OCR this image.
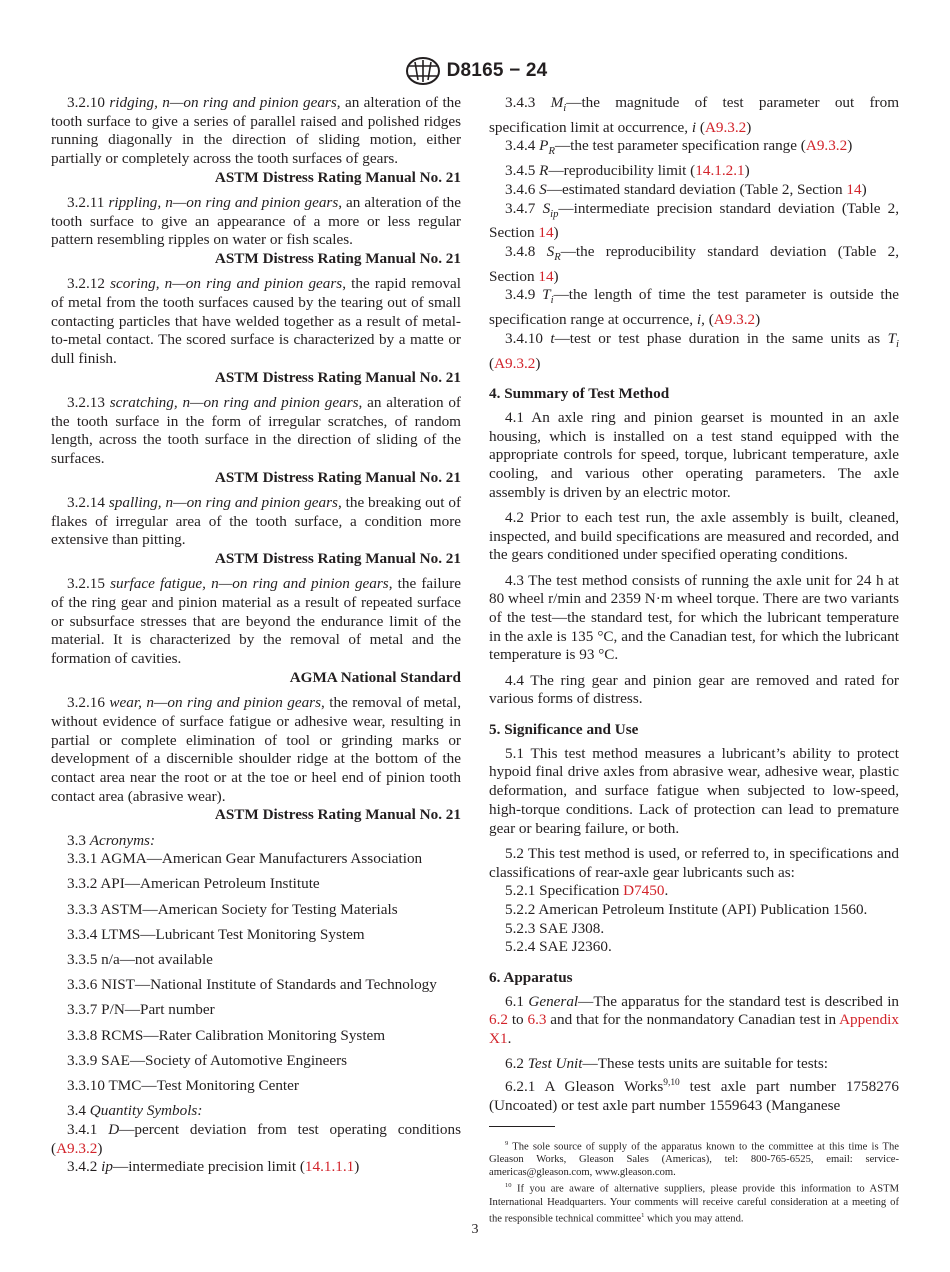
D8165 − 24

3.2.10 ridging, n—on ring and pinion gears, an alteration of the tooth surface to give a series of parallel raised and polished ridges running diagonally in the direction of sliding motion, either partially or completely across the tooth surfaces of gears.

ASTM Distress Rating Manual No. 21

3.2.11 rippling, n—on ring and pinion gears, an alteration of the tooth surface to give an appearance of a more or less regular pattern resembling ripples on water or fish scales.

ASTM Distress Rating Manual No. 21

3.2.12 scoring, n—on ring and pinion gears, the rapid removal of metal from the tooth surfaces caused by the tearing out of small contacting particles that have welded together as a result of metal-to-metal contact. The scored surface is characterized by a matte or dull finish.

ASTM Distress Rating Manual No. 21

3.2.13 scratching, n—on ring and pinion gears, an alteration of the tooth surface in the form of irregular scratches, of random length, across the tooth surface in the direction of sliding of the surfaces.

ASTM Distress Rating Manual No. 21

3.2.14 spalling, n—on ring and pinion gears, the breaking out of flakes of irregular area of the tooth surface, a condition more extensive than pitting.

ASTM Distress Rating Manual No. 21

3.2.15 surface fatigue, n—on ring and pinion gears, the failure of the ring gear and pinion material as a result of repeated surface or subsurface stresses that are beyond the endurance limit of the material. It is characterized by the removal of metal and the formation of cavities.

AGMA National Standard

3.2.16 wear, n—on ring and pinion gears, the removal of metal, without evidence of surface fatigue or adhesive wear, resulting in partial or complete elimination of tool or grinding marks or development of a discernible shoulder ridge at the bottom of the contact area near the root or at the toe or heel end of pinion tooth contact area (abrasive wear).

ASTM Distress Rating Manual No. 21

3.3 Acronyms:

3.3.1 AGMA—American Gear Manufacturers Association

3.3.2 API—American Petroleum Institute

3.3.3 ASTM—American Society for Testing Materials

3.3.4 LTMS—Lubricant Test Monitoring System

3.3.5 n/a—not available

3.3.6 NIST—National Institute of Standards and Technology

3.3.7 P/N—Part number

3.3.8 RCMS—Rater Calibration Monitoring System

3.3.9 SAE—Society of Automotive Engineers

3.3.10 TMC—Test Monitoring Center

3.4 Quantity Symbols:

3.4.1 D—percent deviation from test operating conditions (A9.3.2)

3.4.2 ip—intermediate precision limit (14.1.1.1)

3.4.3 $M_i—the$ magnitude of test parameter out from specification limit at occurrence, i (A9.3.2)

3.4.4 $P_R—the$ test parameter specification range (A9.3.2)

3.4.5 R—reproducibility limit (14.1.2.1)

3.4.6 S—estimated standard deviation (Table 2, Section 14)

3.4.7 $S_{ip}—intermediate$ precision standard deviation (Table 2, Section 14)

3.4.8 $S_R—the$ reproducibility standard deviation (Table 2, Section 14)

3.4.9 $T_i—the$ length of time the test parameter is outside the specification range at occurrence, i, (A9.3.2)

3.4.10 t—test or test phase duration in the same units as $T_i$ (A9.3.2)

4. Summary of Test Method

4.1 An axle ring and pinion gearset is mounted in an axle housing, which is installed on a test stand equipped with the appropriate controls for speed, torque, lubricant temperature, axle cooling, and various other operating parameters. The axle assembly is driven by an electric motor.

4.2 Prior to each test run, the axle assembly is built, cleaned, inspected, and build specifications are measured and recorded, and the gears conditioned under specified operating conditions.

4.3 The test method consists of running the axle unit for 24 h at 80 wheel r/min and 2359 N·m wheel torque. There are two variants of the test—the standard test, for which the lubricant temperature in the axle is 135 °C, and the Canadian test, for which the lubricant temperature is 93 °C.

4.4 The ring gear and pinion gear are removed and rated for various forms of distress.

5. Significance and Use

5.1 This test method measures a lubricant’s ability to protect hypoid final drive axles from abrasive wear, adhesive wear, plastic deformation, and surface fatigue when subjected to low-speed, high-torque conditions. Lack of protection can lead to premature gear or bearing failure, or both.

5.2 This test method is used, or referred to, in specifications and classifications of rear-axle gear lubricants such as:

5.2.1 Specification D7450.

5.2.2 American Petroleum Institute (API) Publication 1560.

5.2.3 SAE J308.

5.2.4 SAE J2360.

6. Apparatus

6.1 General—The apparatus for the standard test is described in 6.2 to 6.3 and that for the nonmandatory Canadian test in Appendix X1.

6.2 Test Unit—These tests units are suitable for tests:

6.2.1 A Gleason Works$^{9,10}$ test axle part number 1758276 (Uncoated) or test axle part number 1559643 (Manganese

$^9$ The sole source of supply of the apparatus known to the committee at this time is The Gleason Works, Gleason Sales (Americas), tel: 800-765-6525, email: service-americas@gleason.com, www.gleason.com.

$^{10}$ If you are aware of alternative suppliers, please provide this information to ASTM International Headquarters. Your comments will receive careful consideration at a meeting of the responsible technical committee$^1$ which you may attend.

3
